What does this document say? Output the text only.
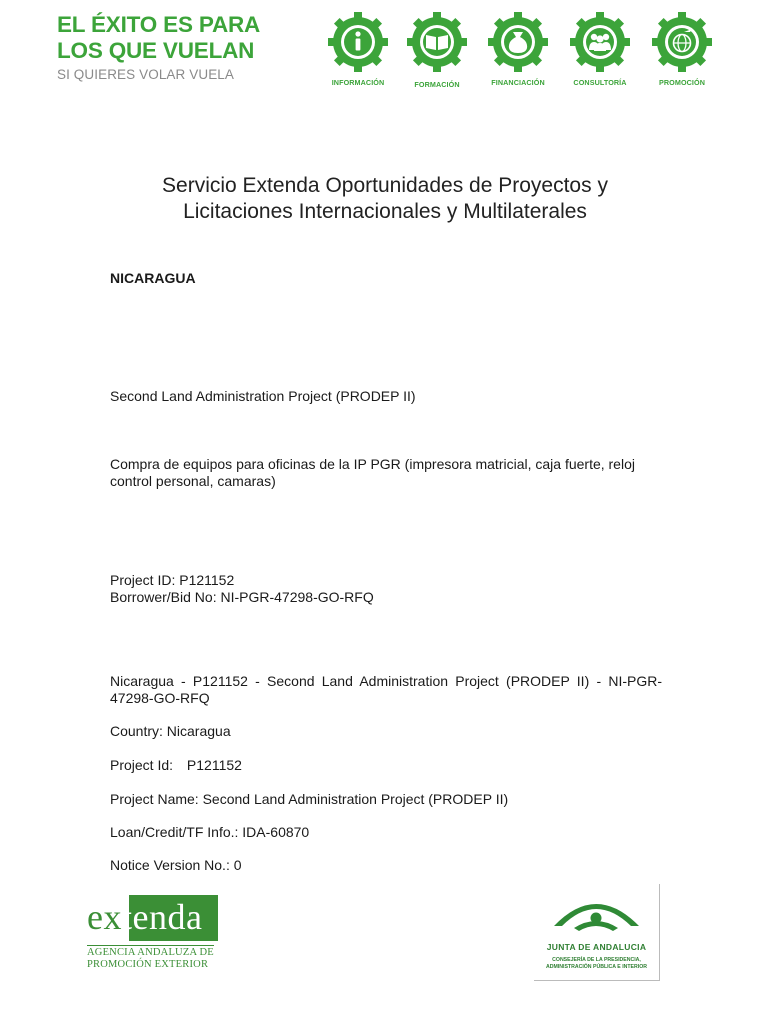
EL ÉXITO ES PARA
LOS QUE VUELAN
SI QUIERES VOLAR VUELA
INFORMACIÓN	FORMACIÓN	FINANCIACIÓN	CONSULTORÍA	PROMOCIÓN
Servicio Extenda Oportunidades de Proyectos y
Licitaciones Internacionales y Multilaterales
NICARAGUA
Second Land Administration Project (PRODEP II)
Compra de equipos para oficinas de la IP PGR (impresora matricial, caja fuerte, reloj control personal, camaras)
Project ID: P121152
Borrower/Bid No: NI-PGR-47298-GO-RFQ
Nicaragua - P121152 - Second Land Administration Project (PRODEP II) - NI-PGR-47298-GO-RFQ
Country: Nicaragua
Project Id: P121152
Project Name: Second Land Administration Project (PRODEP II)
Loan/Credit/TF Info.: IDA-60870
Notice Version No.: 0
extenda
AGENCIA ANDALUZA DE
PROMOCIÓN EXTERIOR
JUNTA DE ANDALUCIA
CONSEJERÍA DE LA PRESIDENCIA,
ADMINISTRACIÓN PÚBLICA E INTERIOR
